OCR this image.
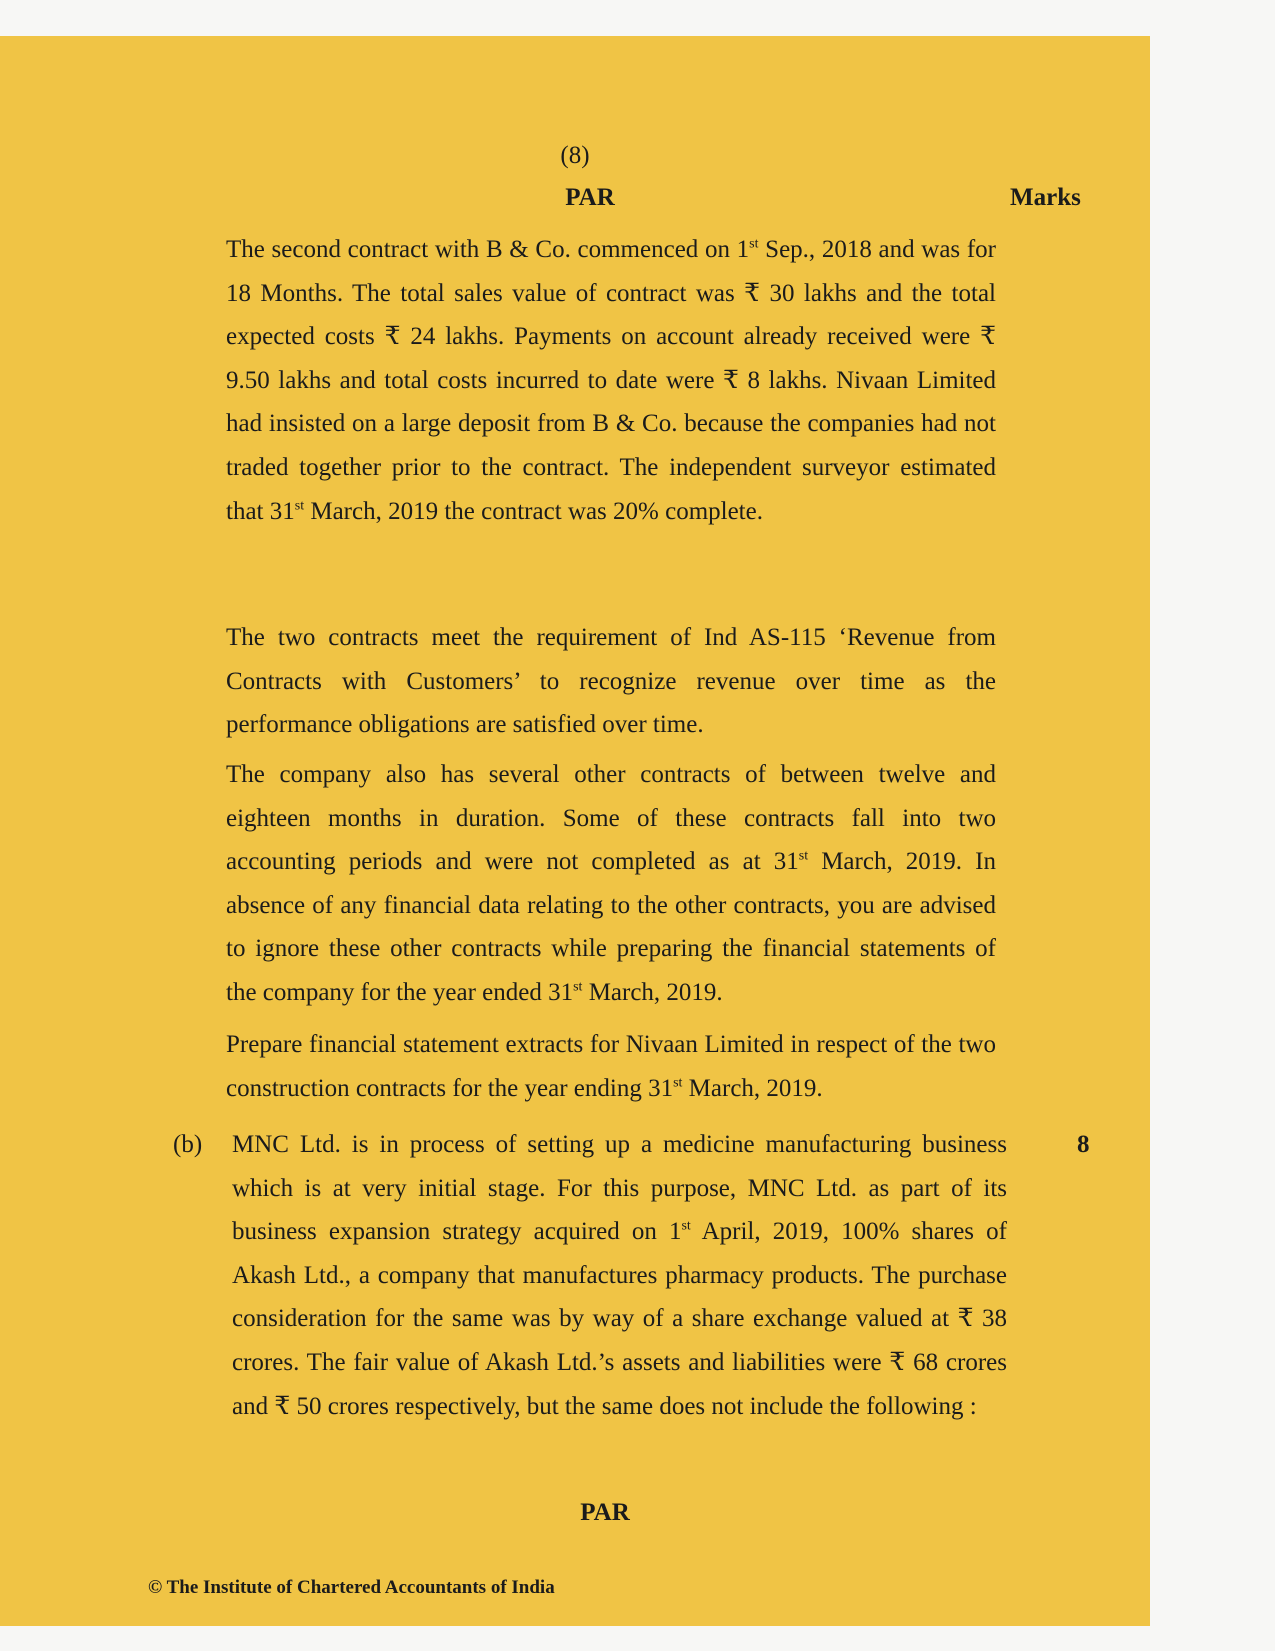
(8)
PAR	Marks

The second contract with B & Co. commenced on 1st Sep., 2018 and was for 18 Months. The total sales value of contract was ₹ 30 lakhs and the total expected costs ₹ 24 lakhs. Payments on account already received were ₹ 9.50 lakhs and total costs incurred to date were ₹ 8 lakhs. Nivaan Limited had insisted on a large deposit from B & Co. because the companies had not traded together prior to the contract. The independent surveyor estimated that 31st March, 2019 the contract was 20% complete.

The two contracts meet the requirement of Ind AS-115 ‘Revenue from Contracts with Customers’ to recognize revenue over time as the performance obligations are satisfied over time.

The company also has several other contracts of between twelve and eighteen months in duration. Some of these contracts fall into two accounting periods and were not completed as at 31st March, 2019. In absence of any financial data relating to the other contracts, you are advised to ignore these other contracts while preparing the financial statements of the company for the year ended 31st March, 2019.

Prepare financial statement extracts for Nivaan Limited in respect of the two construction contracts for the year ending 31st March, 2019.

(b) MNC Ltd. is in process of setting up a medicine manufacturing business which is at very initial stage. For this purpose, MNC Ltd. as part of its business expansion strategy acquired on 1st April, 2019, 100% shares of Akash Ltd., a company that manufactures pharmacy products. The purchase consideration for the same was by way of a share exchange valued at ₹ 38 crores. The fair value of Akash Ltd.’s assets and liabilities were ₹ 68 crores and ₹ 50 crores respectively, but the same does not include the following :

8
PAR
© The Institute of Chartered Accountants of India
